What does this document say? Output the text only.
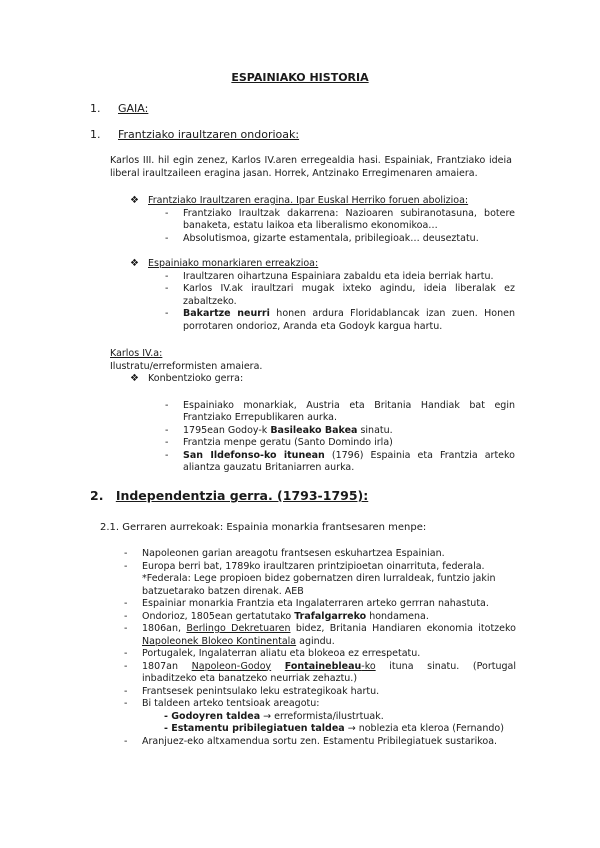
ESPAINIAKO HISTORIA
1. GAIA:
1. Frantziako iraultzaren ondorioak:
Karlos III. hil egin zenez, Karlos IV.aren erregealdia hasi. Espainiak, Frantziako ideia liberal iraultzaileen eragina jasan. Horrek, Antzinako Erregimenaren amaiera.
❖ Frantziako Iraultzaren eragina. Ipar Euskal Herriko foruen abolizioa:
-	Frantziako Iraultzak dakarrena: Nazioaren subiranotasuna, botere banaketa, estatu laikoa eta liberalismo ekonomikoa…
-	Absolutismoa, gizarte estamentala, pribilegioak… deuseztatu.
❖ Espainiako monarkiaren erreakzioa:
-	Iraultzaren oihartzuna Espainiara zabaldu eta ideia berriak hartu.
-	Karlos IV.ak iraultzari mugak ixteko agindu, ideia liberalak ez zabaltzeko.
-	Bakartze neurri honen ardura Floridablancak izan zuen. Honen porrotaren ondorioz, Aranda eta Godoyk kargua hartu.
Karlos IV.a:
Ilustratu/erreformisten amaiera.
❖ Konbentzioko gerra:
-	Espainiako monarkiak, Austria eta Britania Handiak bat egin Frantziako Errepublikaren aurka.
-	1795ean Godoy-k Basileako Bakea sinatu.
-	Frantzia menpe geratu (Santo Domindo irla)
-	San Ildefonso-ko itunean (1796) Espainia eta Frantzia arteko aliantza gauzatu Britaniarren aurka.
2. Independentzia gerra. (1793-1795):
2.1. Gerraren aurrekoak: Espainia monarkia frantsesaren menpe:
-	Napoleonen garian areagotu frantsesen eskuhartzea Espainian.
-	Europa berri bat, 1789ko iraultzaren printzipioetan oinarrituta, federala.
*Federala: Lege propioen bidez gobernatzen diren lurraldeak, funtzio jakin batzuetarako batzen direnak. AEB
-	Espainiar monarkia Frantzia eta Ingalaterraren arteko gerrran nahastuta.
-	Ondorioz, 1805ean gertatutako Trafalgarreko hondamena.
-	1806an, Berlingo Dekretuaren bidez, Britania Handiaren ekonomia itotzeko Napoleonek Blokeo Kontinentala agindu.
-	Portugalek, Ingalaterran aliatu eta blokeoa ez errespetatu.
-	1807an Napoleon-Godoy Fontainebleau-ko ituna sinatu. (Portugal inbaditzeko eta banatzeko neurriak zehaztu.)
-	Frantsesek penintsulako leku estrategikoak hartu.
-	Bi taldeen arteko tentsioak areagotu:
- Godoyren taldea → erreformista/ilustrtuak.
- Estamentu pribilegiatuen taldea → noblezia eta kleroa (Fernando)
-	Aranjuez-eko altxamendua sortu zen. Estamentu Pribilegiatuek sustarikoa.
